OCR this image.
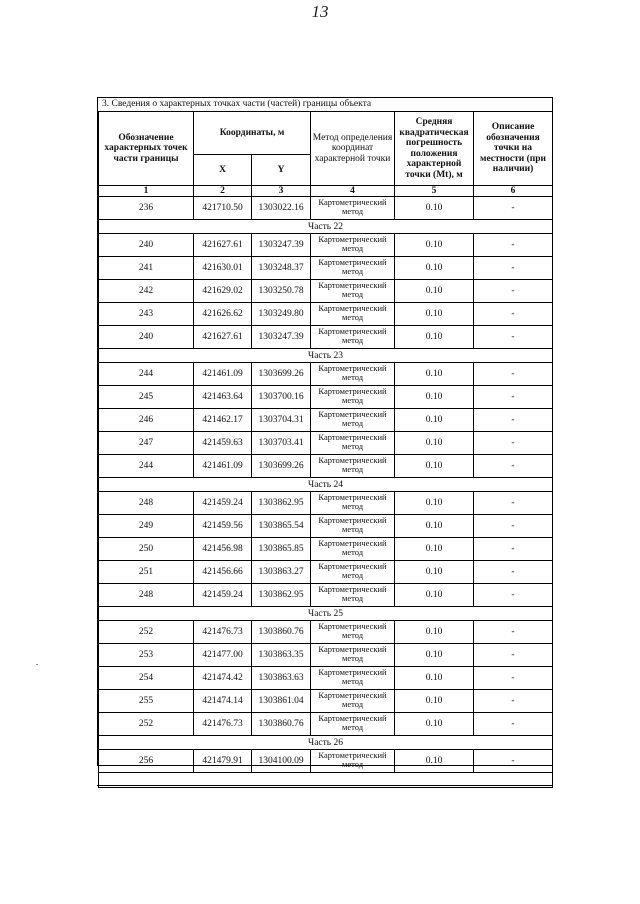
13
3. Сведения о характерных точках части (частей) границы объекта
Обозначение характерных точек части границы	Координаты, м		Метод определения координат характерной точки	Средняя квадратическая погрешность положения характерной точки (Mt), м	Описание обозначения точки на местности (при наличии)
	X	Y			
1	2	3	4	5	6
236	421710.50	1303022.16	Картометрический метод	0.10	-
Часть 22					
240	421627.61	1303247.39	Картометрический метод	0.10	-
241	421630.01	1303248.37	Картометрический метод	0.10	-
242	421629.02	1303250.78	Картометрический метод	0.10	-
243	421626.62	1303249.80	Картометрический метод	0.10	-
240	421627.61	1303247.39	Картометрический метод	0.10	-
Часть 23					
244	421461.09	1303699.26	Картометрический метод	0.10	-
245	421463.64	1303700.16	Картометрический метод	0.10	-
246	421462.17	1303704.31	Картометрический метод	0.10	-
247	421459.63	1303703.41	Картометрический метод	0.10	-
244	421461.09	1303699.26	Картометрический метод	0.10	-
Часть 24					
248	421459.24	1303862.95	Картометрический метод	0.10	-
249	421459.56	1303865.54	Картометрический метод	0.10	-
250	421456.98	1303865.85	Картометрический метод	0.10	-
251	421456.66	1303863.27	Картометрический метод	0.10	-
248	421459.24	1303862.95	Картометрический метод	0.10	-
Часть 25					
252	421476.73	1303860.76	Картометрический метод	0.10	-
253	421477.00	1303863.35	Картометрический метод	0.10	-
254	421474.42	1303863.63	Картометрический метод	0.10	-
255	421474.14	1303861.04	Картометрический метод	0.10	-
252	421476.73	1303860.76	Картометрический метод	0.10	-
Часть 26					
256	421479.91	1304100.09	Картометрический метод	0.10	-
